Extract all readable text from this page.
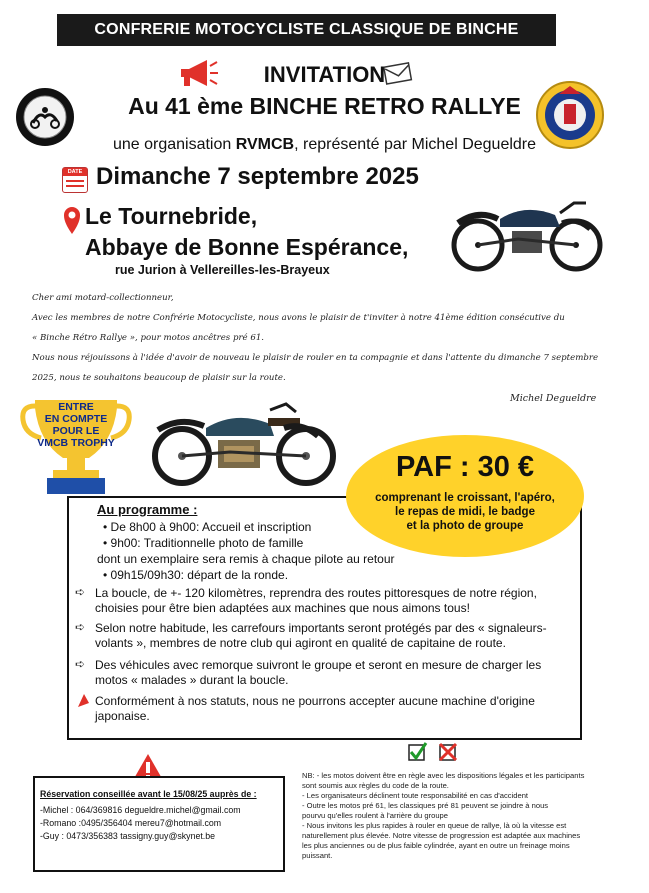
CONFRERIE MOTOCYCLISTE CLASSIQUE DE BINCHE
INVITATION
Au 41 ème BINCHE RETRO RALLYE
une organisation RVMCB, représenté par Michel Degueldre
DATE Dimanche 7 septembre 2025
Le Tournebride,
Abbaye de Bonne Espérance,
rue Jurion à Vellereilles-les-Brayeux
Cher ami motard-collectionneur,
Avec les membres de notre Confrérie Motocycliste, nous avons le plaisir de t'inviter à notre 41ème édition consécutive du
« Binche Rétro Rallye », pour motos ancêtres pré 61.
Nous nous réjouissons à l'idée d'avoir de nouveau le plaisir de rouler en ta compagnie et dans l'attente du dimanche 7 septembre
2025, nous te souhaitons beaucoup de plaisir sur la route.
Michel Degueldre
ENTRE
EN COMPTE
POUR LE
VMCB TROPHY
PAF : 30 €
comprenant le croissant, l'apéro,
le repas de midi, le badge
et la photo de groupe
Au programme :
• De 8h00 à 9h00: Accueil et inscription
• 9h00: Traditionnelle photo de famille
dont un exemplaire sera remis à chaque pilote au retour
• 09h15/09h30: départ de la ronde.
➪ La boucle, de +- 120 kilomètres, reprendra des routes pittoresques de notre région,
choisies pour être bien adaptées aux machines que nous aimons tous!
➪ Selon notre habitude, les carrefours importants seront protégés par des « signaleurs-
volants », membres de notre club qui agiront en qualité de capitaine de route.
➪ Des véhicules avec remorque suivront le groupe et seront en mesure de charger les
motos « malades » durant la boucle.
Conformément à nos statuts, nous ne pourrons accepter aucune machine d'origine
japonaise.
Réservation conseillée avant le 15/08/25 auprès de :
-Michel : 064/369816 degueldre.michel@gmail.com
-Romano :0495/356404 mereu7@hotmail.com
-Guy : 0473/356383 tassigny.guy@skynet.be
NB: - les motos doivent être en règle avec les dispositions légales et les participants
sont soumis aux règles du code de la route.
- Les organisateurs déclinent toute responsabilité en cas d'accident
- Outre les motos pré 61, les classiques pré 81 peuvent se joindre à nous
pourvu qu'elles roulent à l'arrière du groupe
- Nous invitons les plus rapides à rouler en queue de rallye, là où la vitesse est
naturellement plus élevée. Notre vitesse de progression est adaptée aux machines
les plus anciennes ou de plus faible cylindrée, ayant en outre un freinage moins
puissant.
